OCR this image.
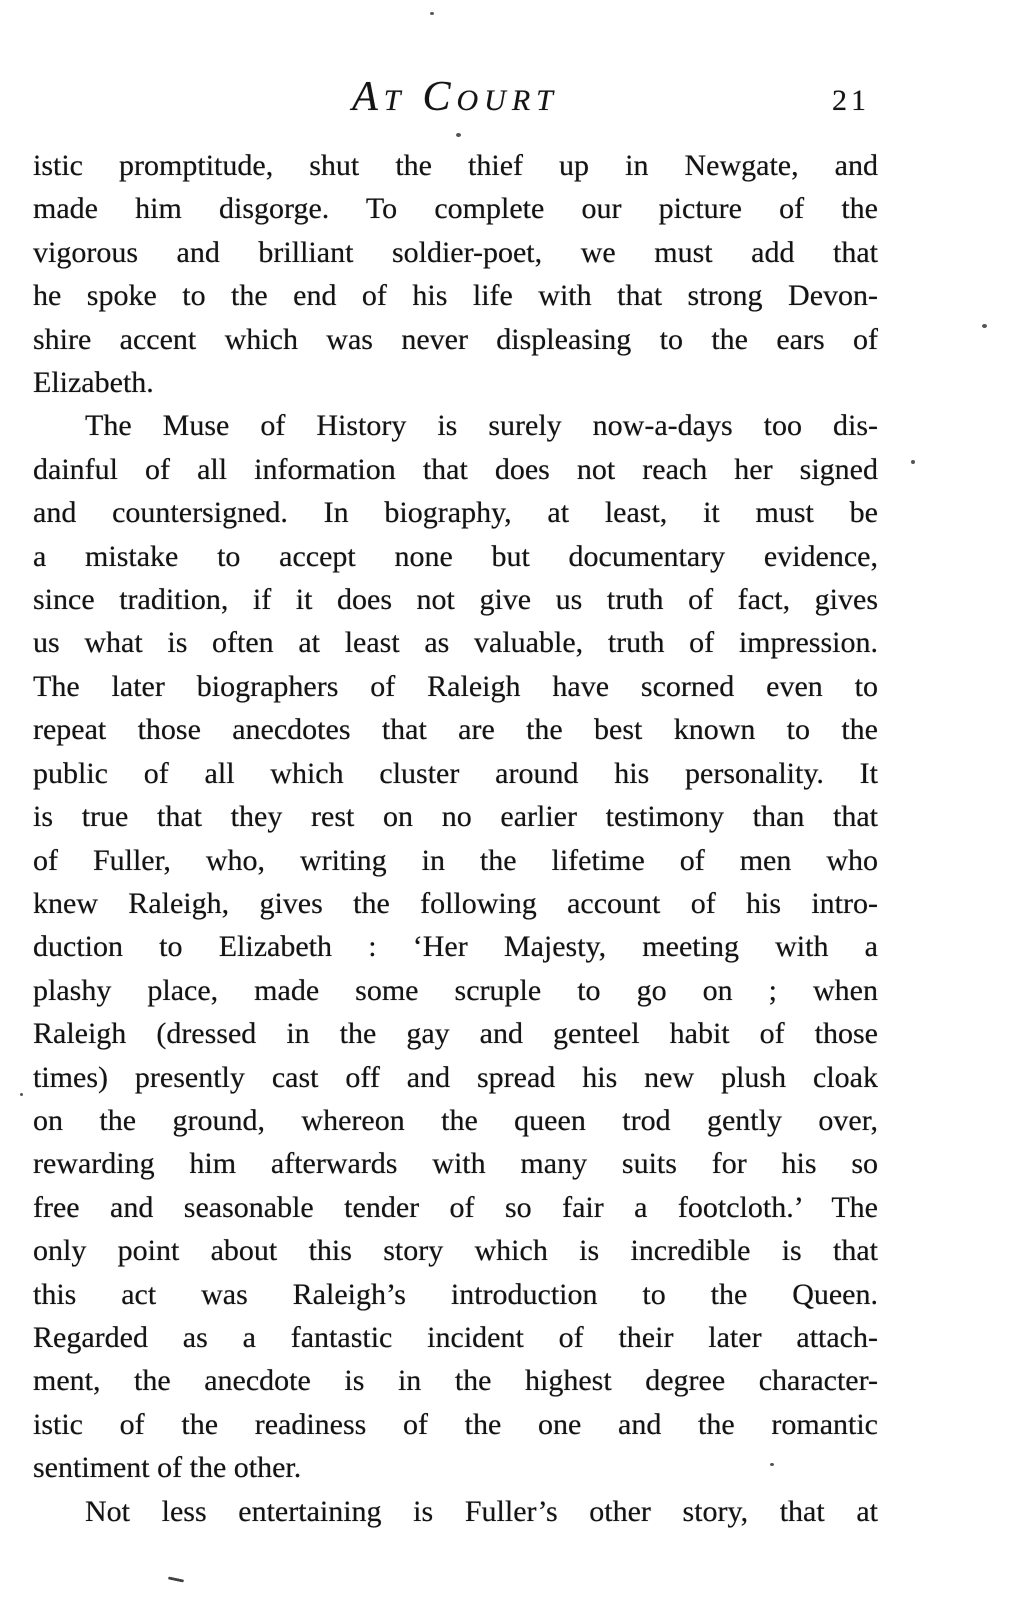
AT COURT	21
istic promptitude, shut the thief up in Newgate, and
made him disgorge. To complete our picture of the
vigorous and brilliant soldier-poet, we must add that
he spoke to the end of his life with that strong Devon-
shire accent which was never displeasing to the ears of
Elizabeth.
The Muse of History is surely now-a-days too dis-
dainful of all information that does not reach her signed
and countersigned. In biography, at least, it must be
a mistake to accept none but documentary evidence,
since tradition, if it does not give us truth of fact, gives
us what is often at least as valuable, truth of impression.
The later biographers of Raleigh have scorned even to
repeat those anecdotes that are the best known to the
public of all which cluster around his personality. It
is true that they rest on no earlier testimony than that
of Fuller, who, writing in the lifetime of men who
knew Raleigh, gives the following account of his intro-
duction to Elizabeth : ‘Her Majesty, meeting with a
plashy place, made some scruple to go on ; when
Raleigh (dressed in the gay and genteel habit of those
times) presently cast off and spread his new plush cloak
on the ground, whereon the queen trod gently over,
rewarding him afterwards with many suits for his so
free and seasonable tender of so fair a footcloth.’ The
only point about this story which is incredible is that
this act was Raleigh’s introduction to the Queen.
Regarded as a fantastic incident of their later attach-
ment, the anecdote is in the highest degree character-
istic of the readiness of the one and the romantic
sentiment of the other.
Not less entertaining is Fuller’s other story, that at
